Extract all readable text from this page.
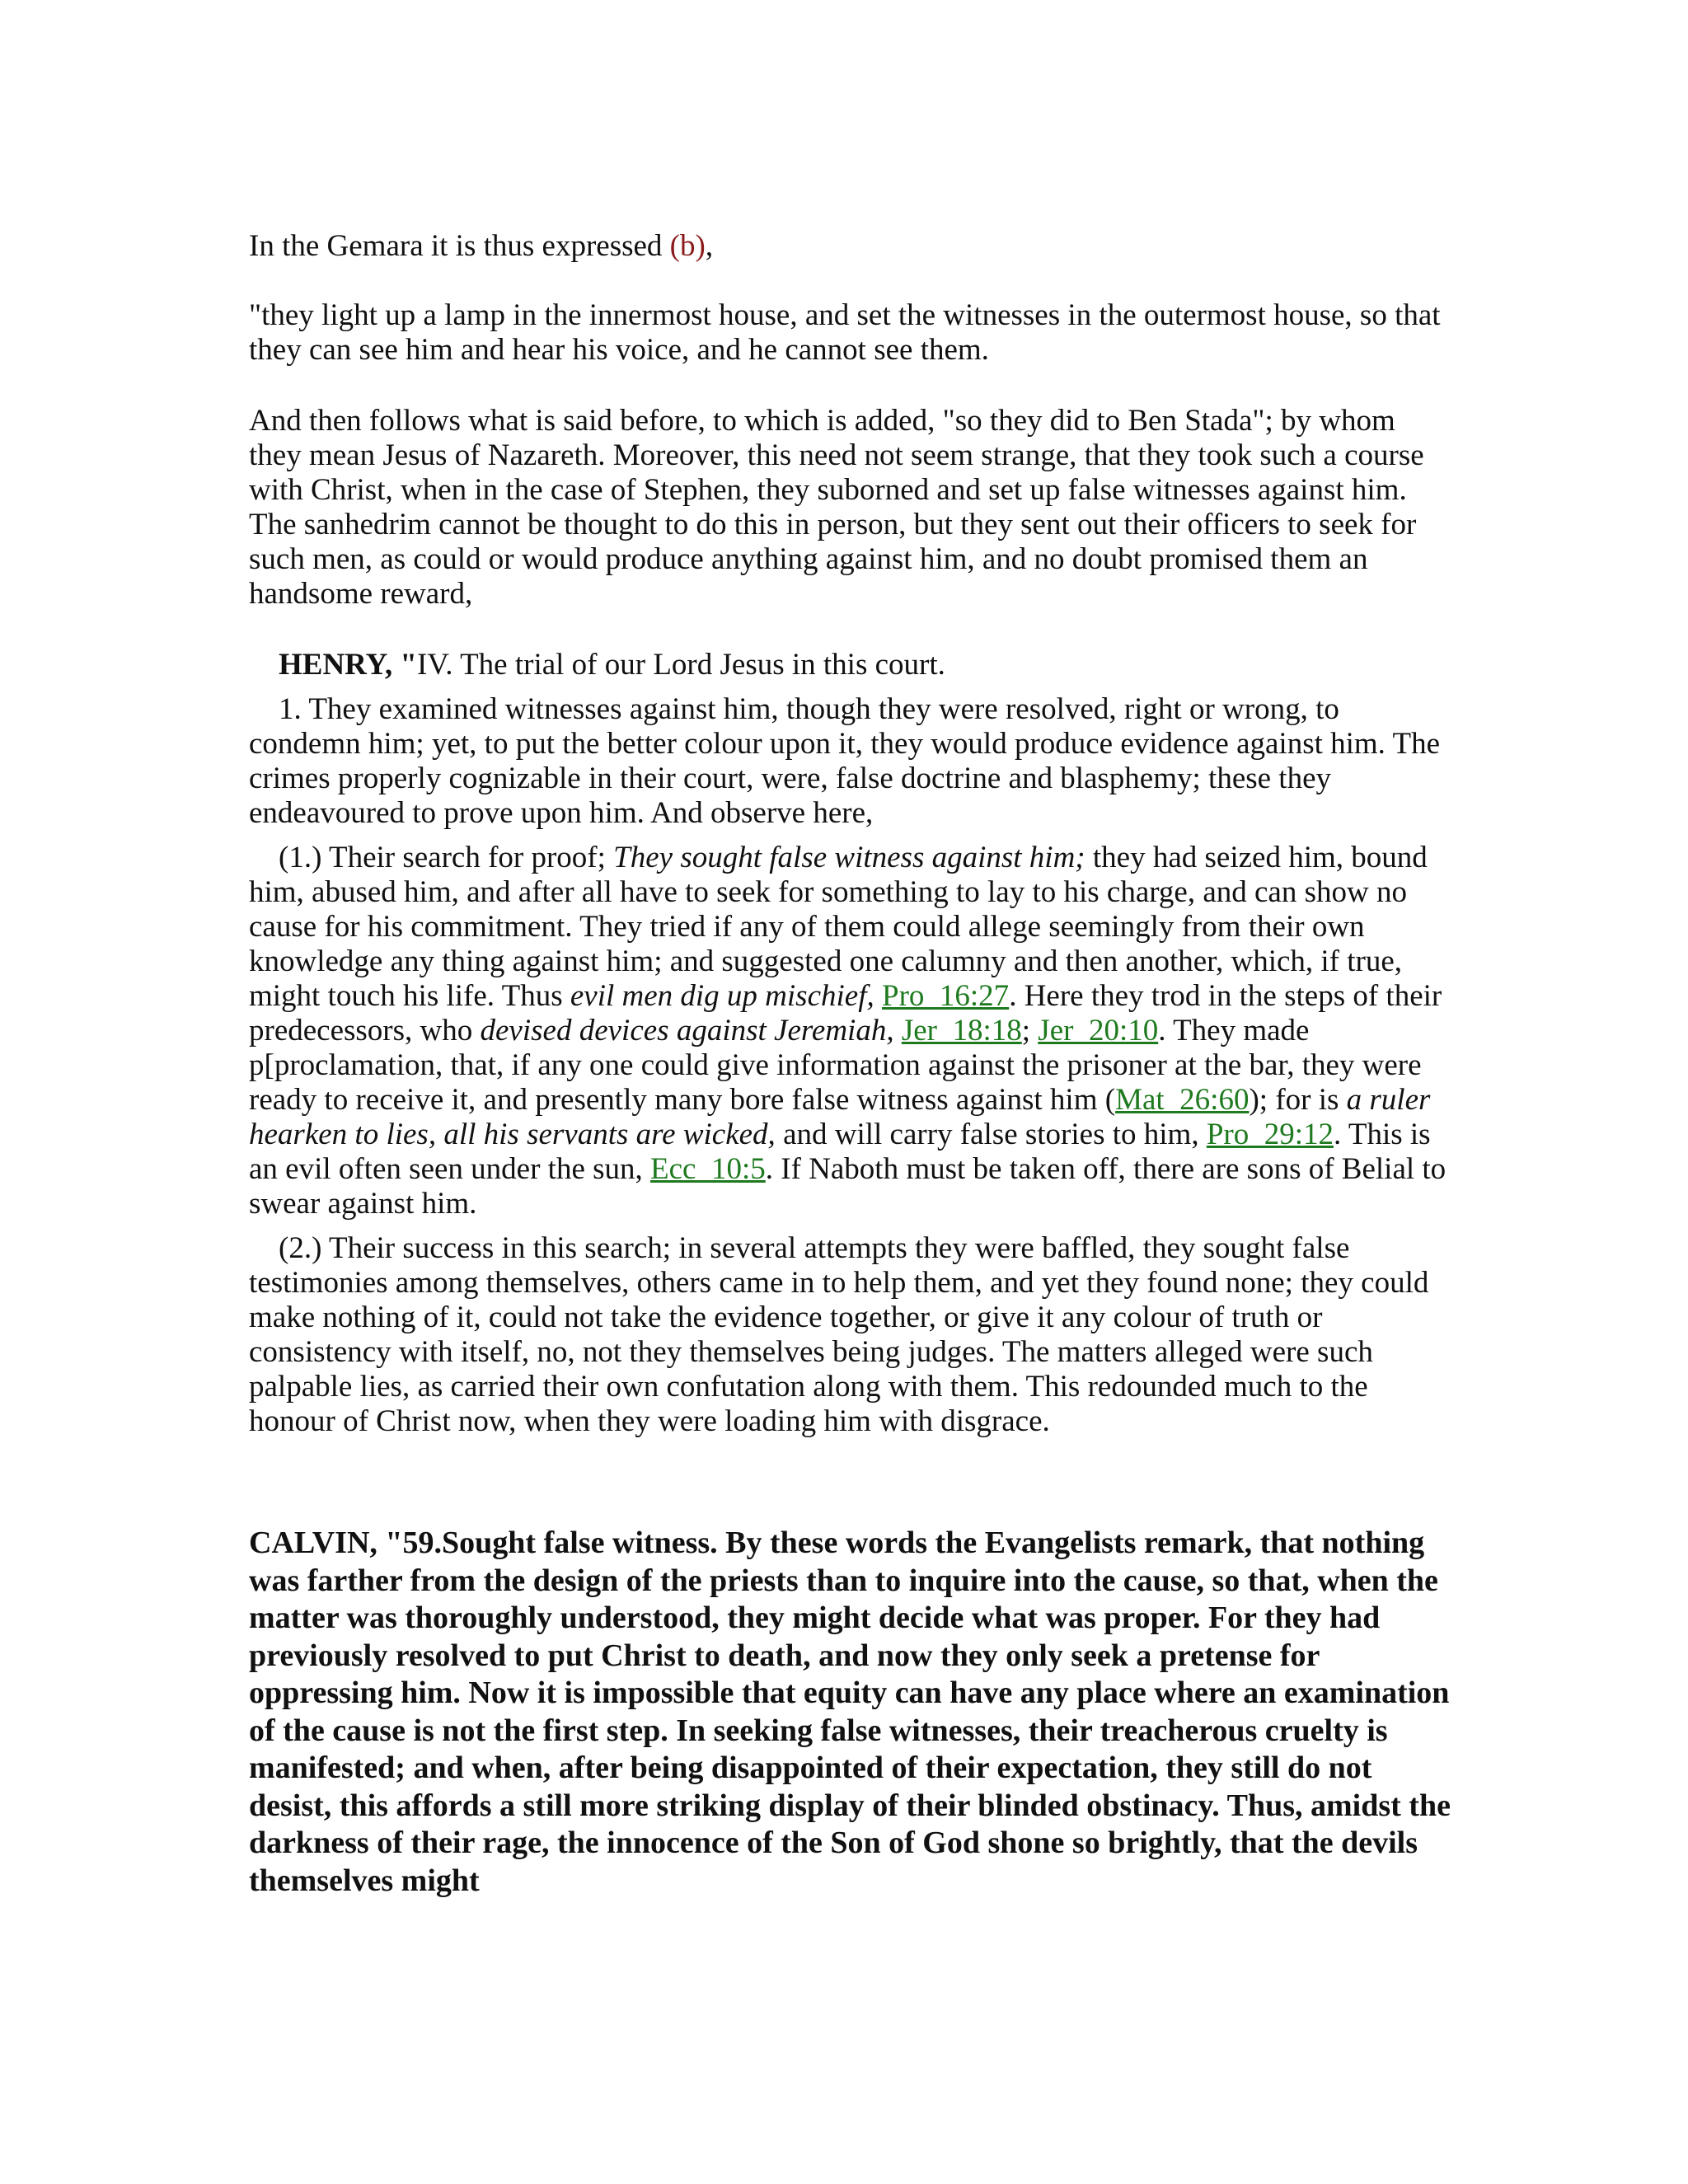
In the Gemara it is thus expressed (b),

"they light up a lamp in the innermost house, and set the witnesses in the outermost house, so that they can see him and hear his voice, and he cannot see them.

And then follows what is said before, to which is added, "so they did to Ben Stada"; by whom they mean Jesus of Nazareth. Moreover, this need not seem strange, that they took such a course with Christ, when in the case of Stephen, they suborned and set up false witnesses against him. The sanhedrim cannot be thought to do this in person, but they sent out their officers to seek for such men, as could or would produce anything against him, and no doubt promised them an handsome reward,

HENRY, "IV. The trial of our Lord Jesus in this court.

1. They examined witnesses against him, though they were resolved, right or wrong, to condemn him; yet, to put the better colour upon it, they would produce evidence against him. The crimes properly cognizable in their court, were, false doctrine and blasphemy; these they endeavoured to prove upon him. And observe here,

(1.) Their search for proof; They sought false witness against him; they had seized him, bound him, abused him, and after all have to seek for something to lay to his charge, and can show no cause for his commitment. They tried if any of them could allege seemingly from their own knowledge any thing against him; and suggested one calumny and then another, which, if true, might touch his life. Thus evil men dig up mischief, Pro_16:27. Here they trod in the steps of their predecessors, who devised devices against Jeremiah, Jer_18:18; Jer_20:10. They made p[proclamation, that, if any one could give information against the prisoner at the bar, they were ready to receive it, and presently many bore false witness against him (Mat_26:60); for is a ruler hearken to lies, all his servants are wicked, and will carry false stories to him, Pro_29:12. This is an evil often seen under the sun, Ecc_10:5. If Naboth must be taken off, there are sons of Belial to swear against him.

(2.) Their success in this search; in several attempts they were baffled, they sought false testimonies among themselves, others came in to help them, and yet they found none; they could make nothing of it, could not take the evidence together, or give it any colour of truth or consistency with itself, no, not they themselves being judges. The matters alleged were such palpable lies, as carried their own confutation along with them. This redounded much to the honour of Christ now, when they were loading him with disgrace.

CALVIN, "59.Sought false witness. By these words the Evangelists remark, that nothing was farther from the design of the priests than to inquire into the cause, so that, when the matter was thoroughly understood, they might decide what was proper. For they had previously resolved to put Christ to death, and now they only seek a pretense for oppressing him. Now it is impossible that equity can have any place where an examination of the cause is not the first step. In seeking false witnesses, their treacherous cruelty is manifested; and when, after being disappointed of their expectation, they still do not desist, this affords a still more striking display of their blinded obstinacy. Thus, amidst the darkness of their rage, the innocence of the Son of God shone so brightly, that the devils themselves might
